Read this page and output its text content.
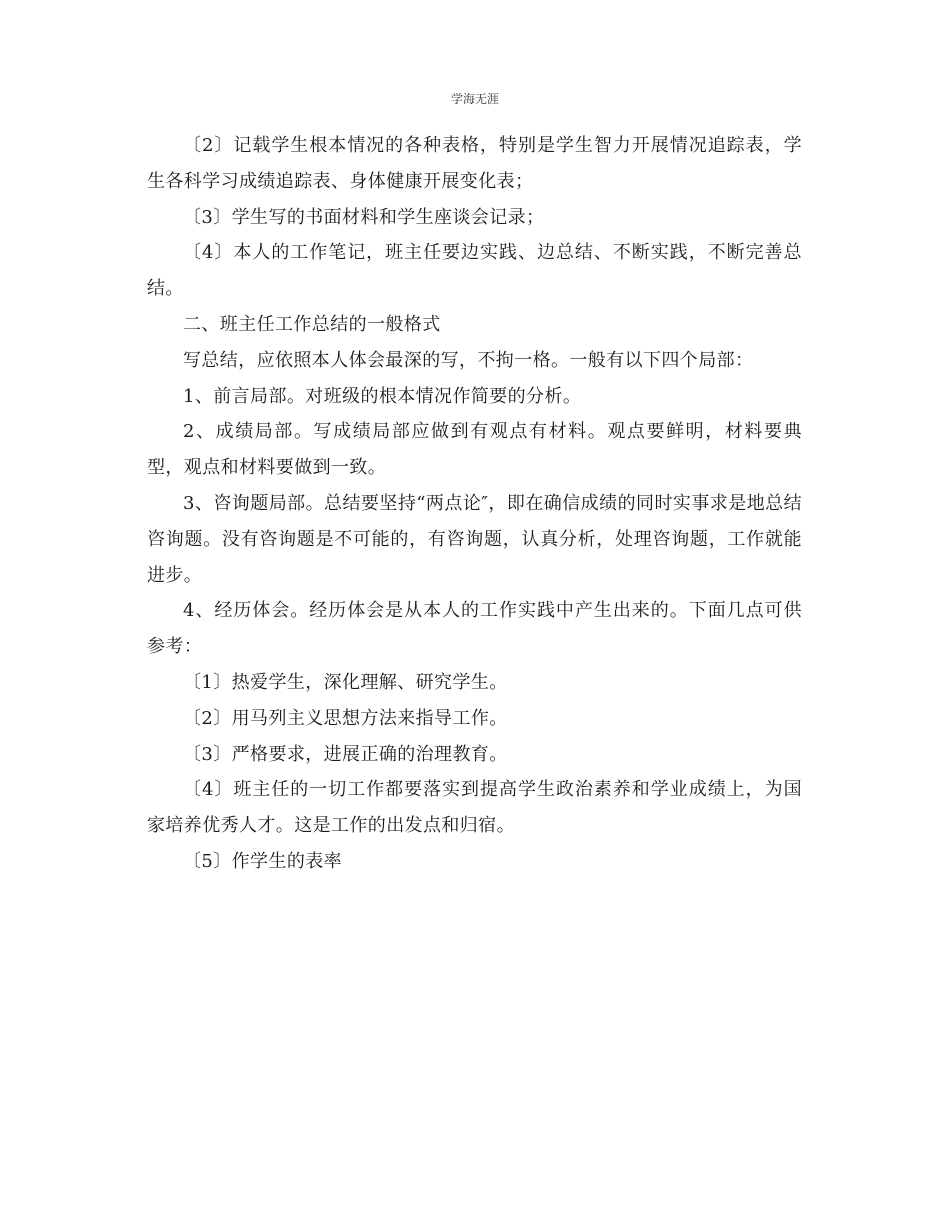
学海无涯

〔2〕记载学生根本情况的各种表格，特别是学生智力开展情况追踪表，学生各科学习成绩追踪表、身体健康开展变化表；

〔3〕学生写的书面材料和学生座谈会记录；

〔4〕本人的工作笔记，班主任要边实践、边总结、不断实践，不断完善总结。

二、班主任工作总结的一般格式

写总结，应依照本人体会最深的写，不拘一格。一般有以下四个局部：

1、前言局部。对班级的根本情况作简要的分析。

2、成绩局部。写成绩局部应做到有观点有材料。观点要鲜明，材料要典型，观点和材料要做到一致。

3、咨询题局部。总结要坚持“两点论″，即在确信成绩的同时实事求是地总结咨询题。没有咨询题是不可能的，有咨询题，认真分析，处理咨询题，工作就能进步。

4、经历体会。经历体会是从本人的工作实践中产生出来的。下面几点可供参考：

〔1〕热爱学生，深化理解、研究学生。

〔2〕用马列主义思想方法来指导工作。

〔3〕严格要求，进展正确的治理教育。

〔4〕班主任的一切工作都要落实到提高学生政治素养和学业成绩上，为国家培养优秀人才。这是工作的出发点和归宿。

〔5〕作学生的表率
